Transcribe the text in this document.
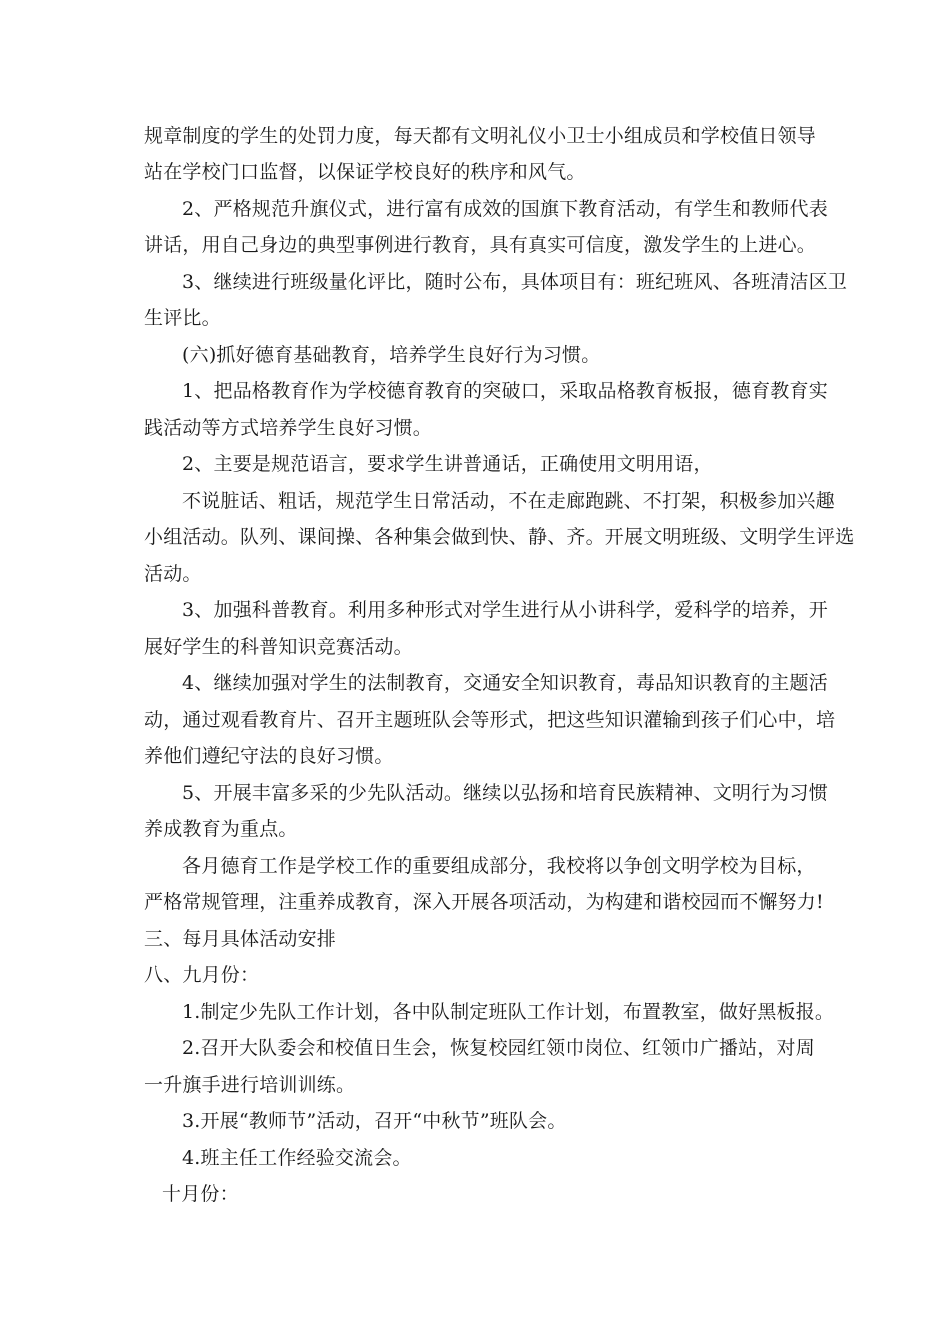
规章制度的学生的处罚力度，每天都有文明礼仪小卫士小组成员和学校值日领导
站在学校门口监督，以保证学校良好的秩序和风气。
2、严格规范升旗仪式，进行富有成效的国旗下教育活动，有学生和教师代表
讲话，用自己身边的典型事例进行教育，具有真实可信度，激发学生的上进心。
3、继续进行班级量化评比，随时公布，具体项目有：班纪班风、各班清洁区卫
生评比。
(六)抓好德育基础教育，培养学生良好行为习惯。
1、把品格教育作为学校德育教育的突破口，采取品格教育板报，德育教育实
践活动等方式培养学生良好习惯。
2、主要是规范语言，要求学生讲普通话，正确使用文明用语，
不说脏话、粗话，规范学生日常活动，不在走廊跑跳、不打架，积极参加兴趣
小组活动。队列、课间操、各种集会做到快、静、齐。开展文明班级、文明学生评选
活动。
3、加强科普教育。利用多种形式对学生进行从小讲科学，爱科学的培养，开
展好学生的科普知识竞赛活动。
4、继续加强对学生的法制教育，交通安全知识教育，毒品知识教育的主题活
动，通过观看教育片、召开主题班队会等形式，把这些知识灌输到孩子们心中，培
养他们遵纪守法的良好习惯。
5、开展丰富多采的少先队活动。继续以弘扬和培育民族精神、文明行为习惯
养成教育为重点。
各月德育工作是学校工作的重要组成部分，我校将以争创文明学校为目标，
严格常规管理，注重养成教育，深入开展各项活动，为构建和谐校园而不懈努力!
三、每月具体活动安排
八、九月份：
1.制定少先队工作计划，各中队制定班队工作计划，布置教室，做好黑板报。
2.召开大队委会和校值日生会，恢复校园红领巾岗位、红领巾广播站，对周
一升旗手进行培训训练。
3.开展“教师节”活动，召开“中秋节”班队会。
4.班主任工作经验交流会。
十月份：
